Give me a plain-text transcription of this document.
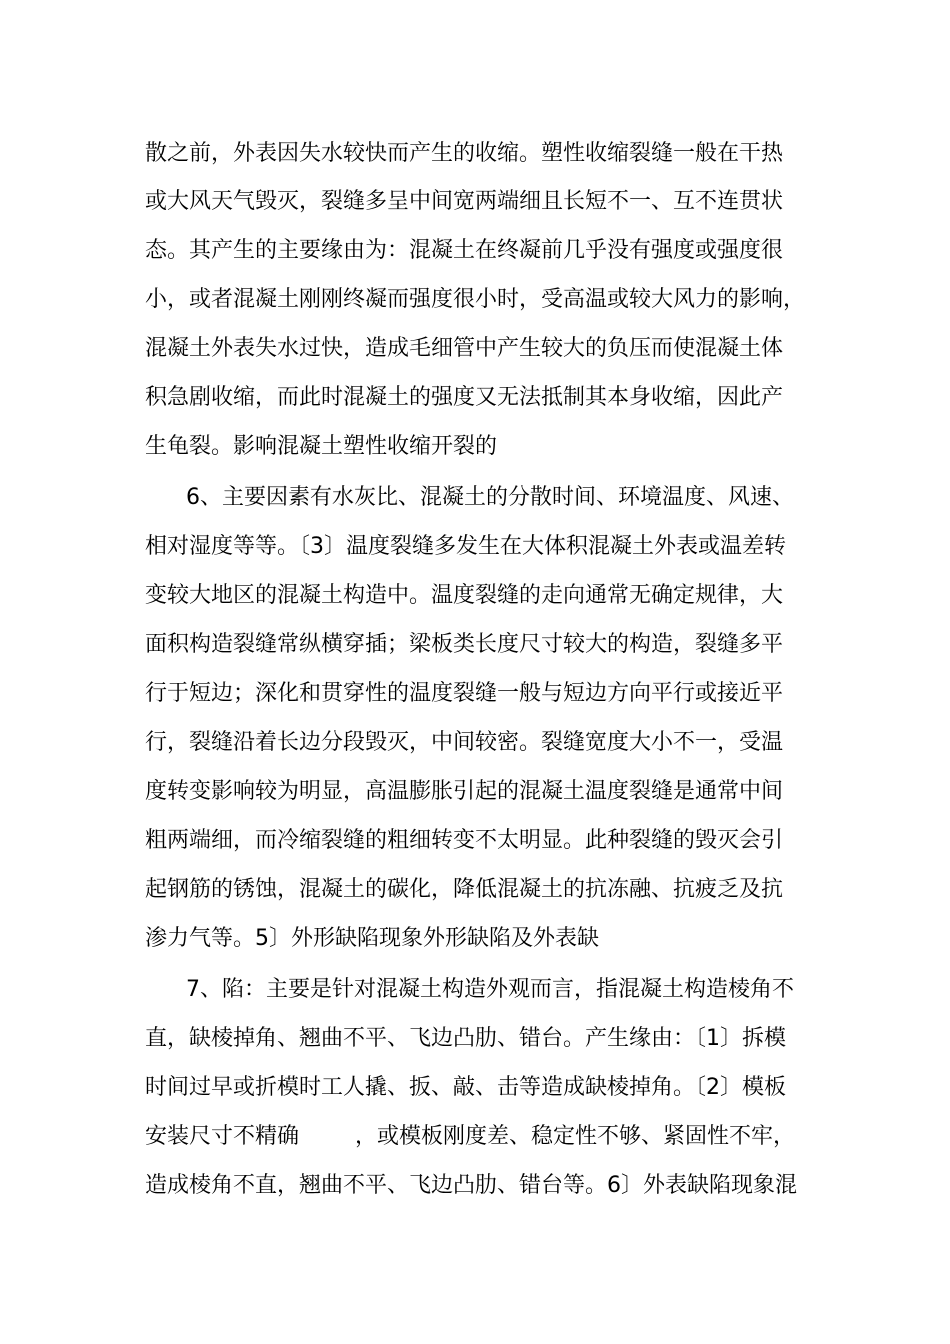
散之前，外表因失水较快而产生的收缩。塑性收缩裂缝一般在干热
或大风天气毁灭，裂缝多呈中间宽两端细且长短不一、互不连贯状
态。其产生的主要缘由为：混凝土在终凝前几乎没有强度或强度很
小，或者混凝土刚刚终凝而强度很小时，受高温或较大风力的影响，
混凝土外表失水过快，造成毛细管中产生较大的负压而使混凝土体
积急剧收缩，而此时混凝土的强度又无法抵制其本身收缩，因此产
生龟裂。影响混凝土塑性收缩开裂的
6、主要因素有水灰比、混凝土的分散时间、环境温度、风速、
相对湿度等等。〔3〕温度裂缝多发生在大体积混凝土外表或温差转
变较大地区的混凝土构造中。温度裂缝的走向通常无确定规律，大
面积构造裂缝常纵横穿插；梁板类长度尺寸较大的构造，裂缝多平
行于短边；深化和贯穿性的温度裂缝一般与短边方向平行或接近平
行，裂缝沿着长边分段毁灭，中间较密。裂缝宽度大小不一，受温
度转变影响较为明显，高温膨胀引起的混凝土温度裂缝是通常中间
粗两端细，而冷缩裂缝的粗细转变不太明显。此种裂缝的毁灭会引
起钢筋的锈蚀，混凝土的碳化，降低混凝土的抗冻融、抗疲乏及抗
渗力气等。5〕外形缺陷现象外形缺陷及外表缺
7、陷：主要是针对混凝土构造外观而言，指混凝土构造棱角不
直，缺棱掉角、翘曲不平、飞边凸肋、错台。产生缘由：〔1〕拆模
时间过早或折模时工人撬、扳、敲、击等造成缺棱掉角。〔2〕模板
安装尺寸不精确        ，或模板刚度差、稳定性不够、紧固性不牢，
造成棱角不直，翘曲不平、飞边凸肋、错台等。6〕外表缺陷现象混
